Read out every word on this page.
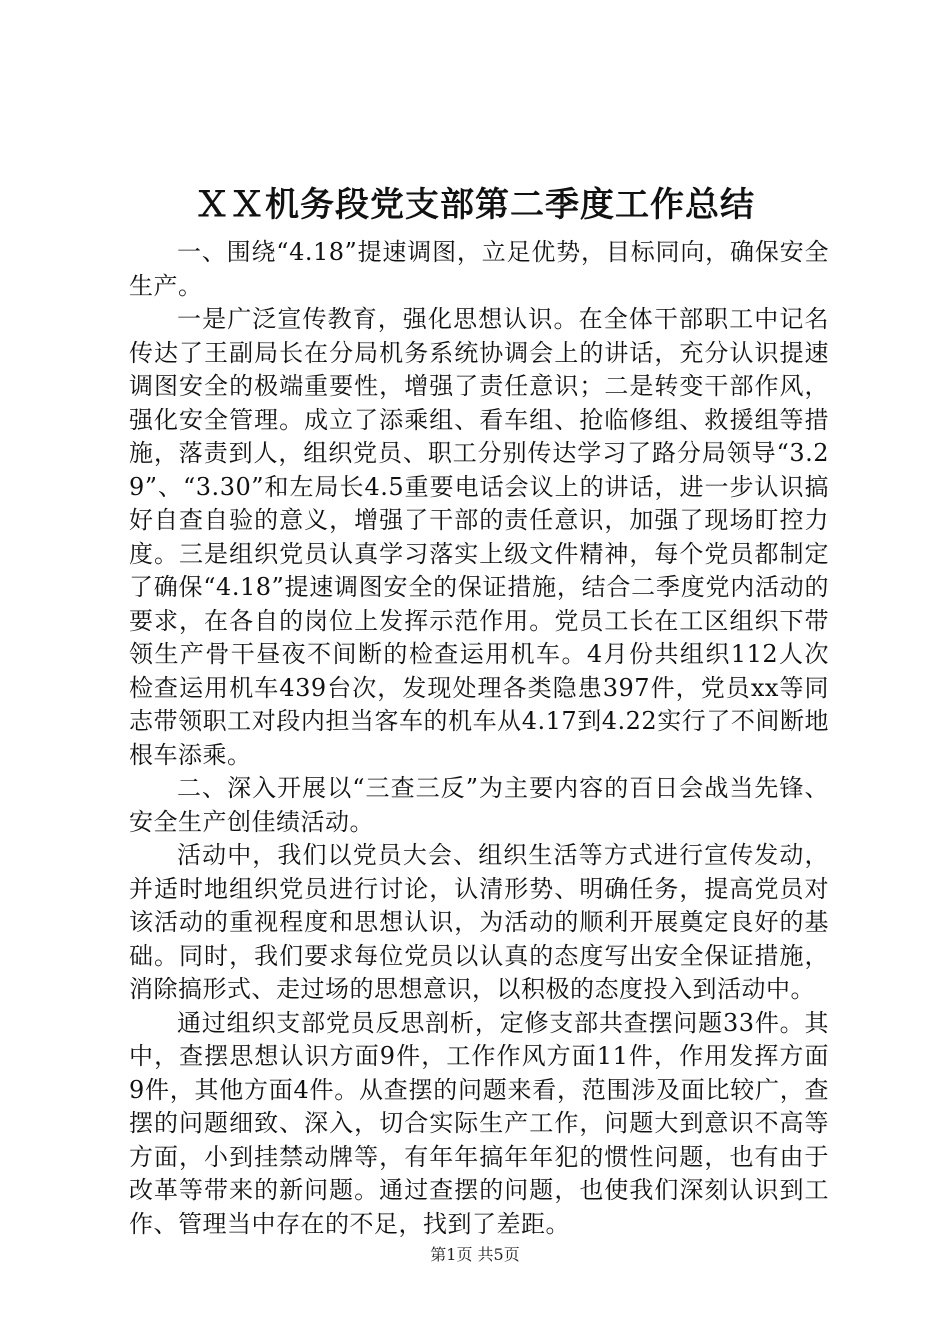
ＸＸ机务段党支部第二季度工作总结

一、围绕“4.18”提速调图，立足优势，目标同向，确保安全生产。

一是广泛宣传教育，强化思想认识。在全体干部职工中记名传达了王副局长在分局机务系统协调会上的讲话，充分认识提速调图安全的极端重要性，增强了责任意识；二是转变干部作风，强化安全管理。成立了添乘组、看车组、抢临修组、救援组等措施，落责到人，组织党员、职工分别传达学习了路分局领导“3.29”、“3.30”和左局长4.5重要电话会议上的讲话，进一步认识搞好自查自验的意义，增强了干部的责任意识，加强了现场盯控力度。三是组织党员认真学习落实上级文件精神，每个党员都制定了确保“4.18”提速调图安全的保证措施，结合二季度党内活动的要求，在各自的岗位上发挥示范作用。党员工长在工区组织下带领生产骨干昼夜不间断的检查运用机车。4月份共组织112人次检查运用机车439台次，发现处理各类隐患397件，党员xx等同志带领职工对段内担当客车的机车从4.17到4.22实行了不间断地根车添乘。

二、深入开展以“三查三反”为主要内容的百日会战当先锋、安全生产创佳绩活动。

活动中，我们以党员大会、组织生活等方式进行宣传发动，并适时地组织党员进行讨论，认清形势、明确任务，提高党员对该活动的重视程度和思想认识，为活动的顺利开展奠定良好的基础。同时，我们要求每位党员以认真的态度写出安全保证措施，消除搞形式、走过场的思想意识，以积极的态度投入到活动中。

通过组织支部党员反思剖析，定修支部共查摆问题33件。其中，查摆思想认识方面9件，工作作风方面11件，作用发挥方面9件，其他方面4件。从查摆的问题来看，范围涉及面比较广，查摆的问题细致、深入，切合实际生产工作，问题大到意识不高等方面，小到挂禁动牌等，有年年搞年年犯的惯性问题，也有由于改革等带来的新问题。通过查摆的问题，也使我们深刻认识到工作、管理当中存在的不足，找到了差距。

第1页 共5页
